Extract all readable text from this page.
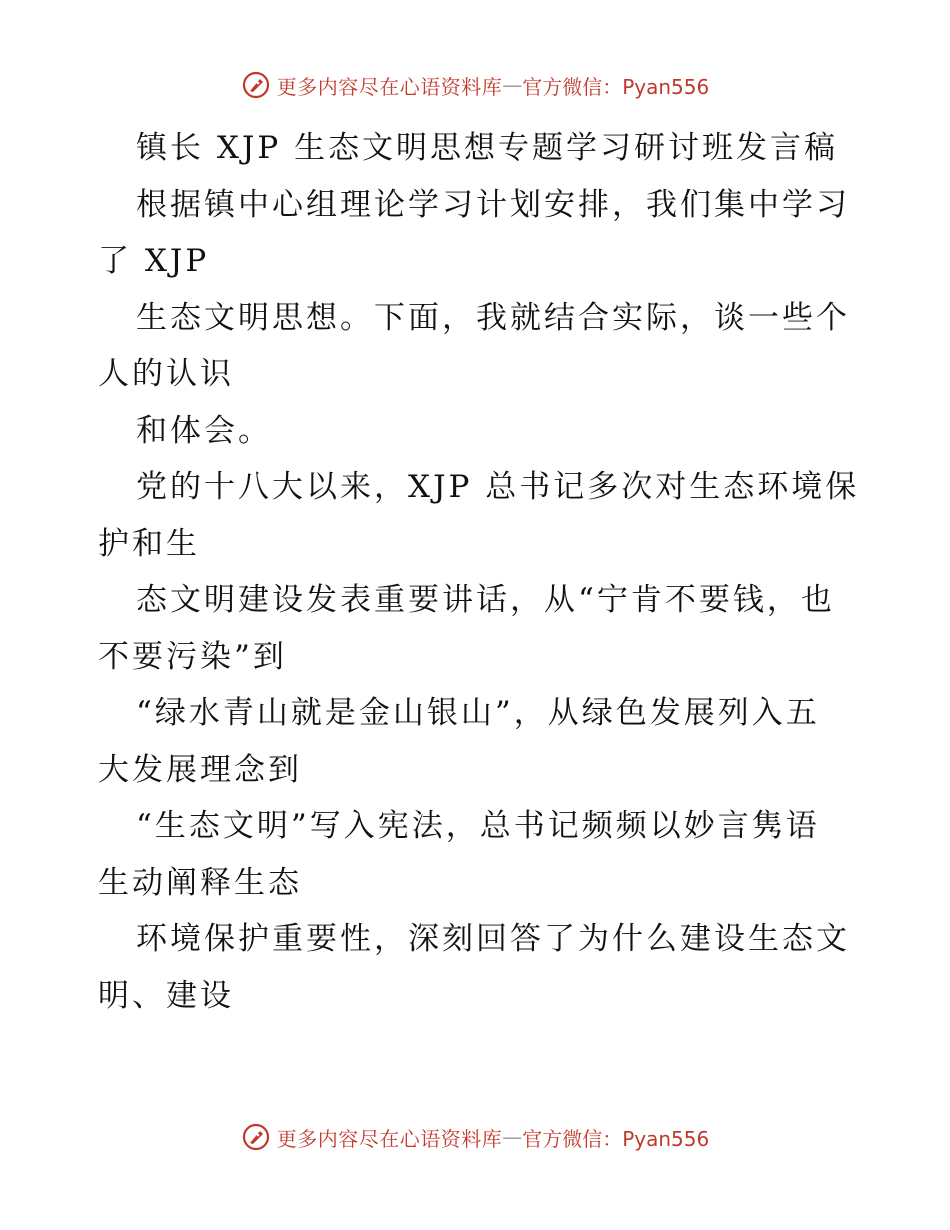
更多内容尽在心语资料库 — 官方微信：Pyan556
镇长 XJP 生态文明思想专题学习研讨班发言稿
根据镇中心组理论学习计划安排，我们集中学习
了 XJP
生态文明思想。下面，我就结合实际，谈一些个
人的认识
和体会。
党的十八大以来，XJP 总书记多次对生态环境保
护和生
态文明建设发表重要讲话，从“宁肯不要钱，也
不要污染”到
“绿水青山就是金山银山”，从绿色发展列入五
大发展理念到
“生态文明”写入宪法，总书记频频以妙言隽语
生动阐释生态
环境保护重要性，深刻回答了为什么建设生态文
明、建设
更多内容尽在心语资料库 — 官方微信：Pyan556
